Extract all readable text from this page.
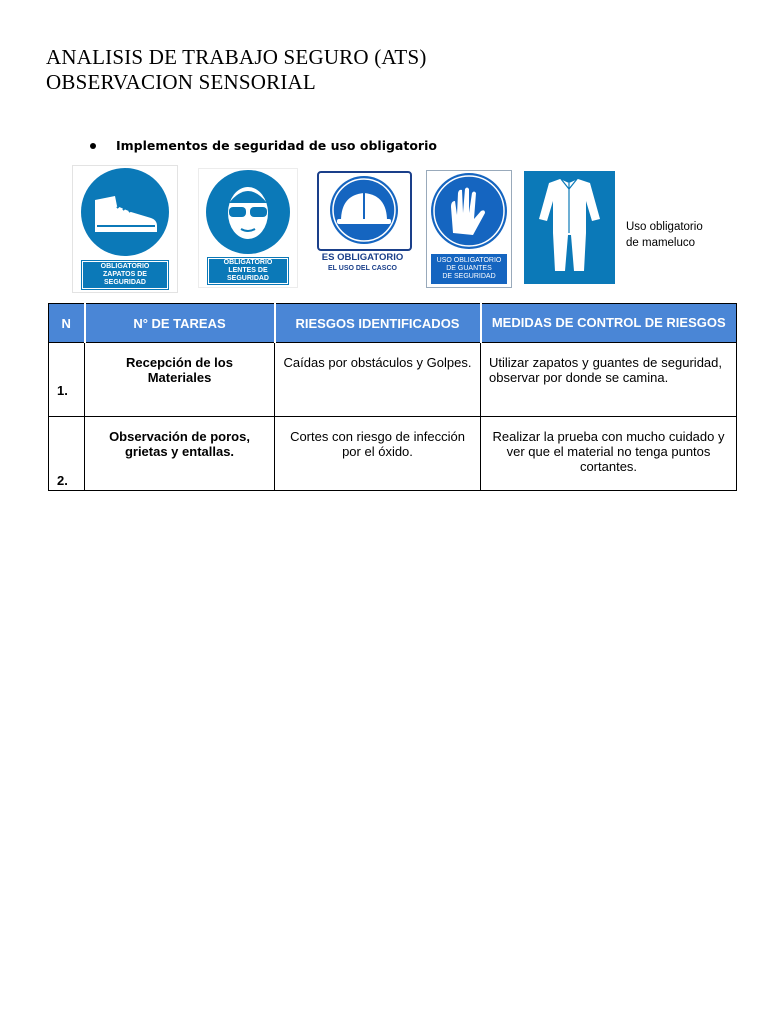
ANALISIS DE TRABAJO SEGURO (ATS)
OBSERVACION SENSORIAL
Implementos de seguridad de uso obligatorio
OBLIGATORIO
ZAPATOS DE
SEGURIDAD
OBLIGATORIO
LENTES DE
SEGURIDAD
ES OBLIGATORIO
EL USO DEL CASCO
USO OBLIGATORIO
DE GUANTES
DE SEGURIDAD
Uso obligatorio de mameluco
N	N° DE TAREAS	RIESGOS IDENTIFICADOS	MEDIDAS DE CONTROL DE RIESGOS

1.	Recepción de los Materiales	Caídas por obstáculos y Golpes.	Utilizar zapatos y guantes de seguridad, observar por donde se camina.

2.	Observación de poros, grietas y entallas.	Cortes con riesgo de infección por el óxido.	Realizar la prueba con mucho cuidado y ver que el material no tenga puntos cortantes.
